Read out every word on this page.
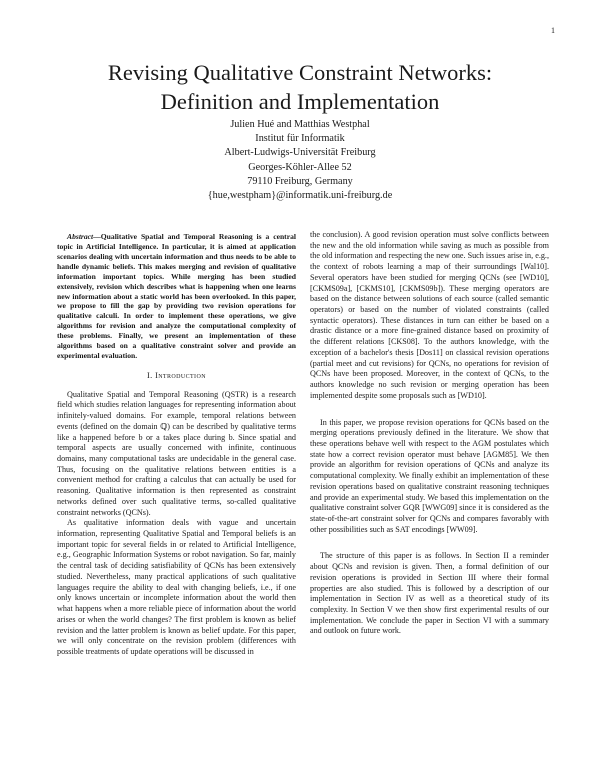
1
Revising Qualitative Constraint Networks:
Definition and Implementation
Julien Hué and Matthias Westphal
Institut für Informatik
Albert-Ludwigs-Universität Freiburg
Georges-Köhler-Allee 52
79110 Freiburg, Germany
{hue,westpham}@informatik.uni-freiburg.de

Abstract—Qualitative Spatial and Temporal Reasoning is a central topic in Artificial Intelligence. In particular, it is aimed at application scenarios dealing with uncertain information and thus needs to be able to handle dynamic beliefs. This makes merging and revision of qualitative information important topics. While merging has been studied extensively, revision which describes what is happening when one learns new information about a static world has been overlooked. In this paper, we propose to fill the gap by providing two revision operations for qualitative calculi. In order to implement these operations, we give algorithms for revision and analyze the computational complexity of these problems. Finally, we present an implementation of these algorithms based on a qualitative constraint solver and provide an experimental evaluation.

I. Introduction

Qualitative Spatial and Temporal Reasoning (QSTR) is a research field which studies relation languages for representing information about infinitely-valued domains. For example, temporal relations between events (defined on the domain ℚ) can be described by qualitative terms like a happened before b or a takes place during b. Since spatial and temporal aspects are usually concerned with infinite, continuous domains, many computational tasks are undecidable in the general case. Thus, focusing on the qualitative relations between entities is a convenient method for crafting a calculus that can actually be used for reasoning. Qualitative information is then represented as constraint networks defined over such qualitative terms, so-called qualitative constraint networks (QCNs).

As qualitative information deals with vague and uncertain information, representing Qualitative Spatial and Temporal beliefs is an important topic for several fields in or related to Artificial Intelligence, e.g., Geographic Information Systems or robot navigation. So far, mainly the central task of deciding satisfiability of QCNs has been extensively studied. Nevertheless, many practical applications of such qualitative languages require the ability to deal with changing beliefs, i.e., if one only knows uncertain or incomplete information about the world then what happens when a more reliable piece of information about the world arises or when the world changes? The first problem is known as belief revision and the latter problem is known as belief update. For this paper, we will only concentrate on the revision problem (differences with possible treatments of update operations will be discussed in

the conclusion). A good revision operation must solve conflicts between the new and the old information while saving as much as possible from the old information and respecting the new one. Such issues arise in, e.g., the context of robots learning a map of their surroundings [Wal10]. Several operators have been studied for merging QCNs (see [WD10], [CKMS09a], [CKMS10], [CKMS09b]). These merging operators are based on the distance between solutions of each source (called semantic operators) or based on the number of violated constraints (called syntactic operators). These distances in turn can either be based on a drastic distance or a more fine-grained distance based on proximity of the different relations [CKS08]. To the authors knowledge, with the exception of a bachelor's thesis [Dos11] on classical revision operations (partial meet and cut revisions) for QCNs, no operations for revision of QCNs have been proposed. Moreover, in the context of QCNs, to the authors knowledge no such revision or merging operation has been implemented despite some proposals such as [WD10].

In this paper, we propose revision operations for QCNs based on the merging operations previously defined in the literature. We show that these operations behave well with respect to the AGM postulates which state how a correct revision operator must behave [AGM85]. We then provide an algorithm for revision operations of QCNs and analyze its computational complexity. We finally exhibit an implementation of these revision operations based on qualitative constraint reasoning techniques and provide an experimental study. We based this implementation on the qualitative constraint solver GQR [WWG09] since it is considered as the state-of-the-art constraint solver for QCNs and compares favorably with other possibilities such as SAT encodings [WW09].

The structure of this paper is as follows. In Section II a reminder about QCNs and revision is given. Then, a formal definition of our revision operations is provided in Section III where their formal properties are also studied. This is followed by a description of our implementation in Section IV as well as a theoretical study of its complexity. In Section V we then show first experimental results of our implementation. We conclude the paper in Section VI with a summary and outlook on future work.
